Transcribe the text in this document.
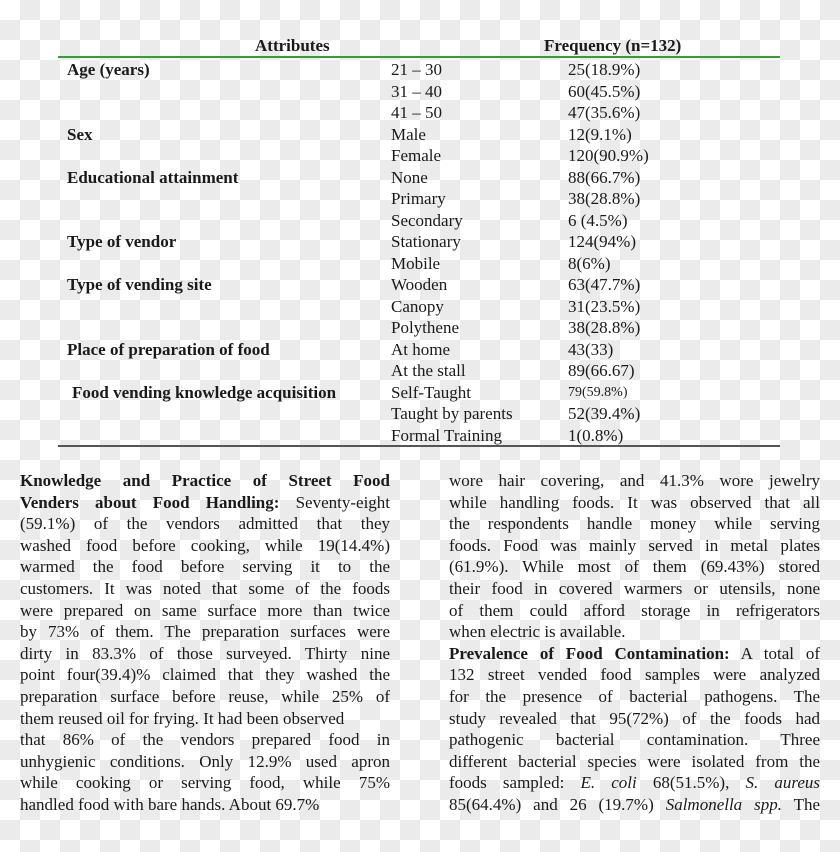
Attributes	Frequency (n=132)
Age (years)	21 – 30	25(18.9%)
31 – 40	60(45.5%)
41 – 50	47(35.6%)
Sex	Male	12(9.1%)
Female	120(90.9%)
Educational attainment	None	88(66.7%)
Primary	38(28.8%)
Secondary	6 (4.5%)
Type of vendor	Stationary	124(94%)
Mobile	8(6%)
Type of vending site	Wooden	63(47.7%)
Canopy	31(23.5%)
Polythene	38(28.8%)
Place of preparation of food	At home	43(33)
At the stall	89(66.67)
Food vending knowledge acquisition	Self-Taught	79(59.8%)
Taught by parents	52(39.4%)
Formal Training	1(0.8%)
Knowledge and Practice of Street Food
Venders about Food Handling: Seventy-eight
(59.1%) of the vendors admitted that they
washed food before cooking, while 19(14.4%)
warmed the food before serving it to the
customers. It was noted that some of the foods
were prepared on same surface more than twice
by 73% of them. The preparation surfaces were
dirty in 83.3% of those surveyed. Thirty nine
point four(39.4)% claimed that they washed the
preparation surface before reuse, while 25% of
them reused oil for frying. It had been observed
that 86% of the vendors prepared food in
unhygienic conditions. Only 12.9% used apron
while cooking or serving food, while 75%
handled food with bare hands. About 69.7%
wore hair covering, and 41.3% wore jewelry
while handling foods. It was observed that all
the respondents handle money while serving
foods. Food was mainly served in metal plates
(61.9%). While most of them (69.43%) stored
their food in covered warmers or utensils, none
of them could afford storage in refrigerators
when electric is available.
Prevalence of Food Contamination: A total of
132 street vended food samples were analyzed
for the presence of bacterial pathogens. The
study revealed that 95(72%) of the foods had
pathogenic bacterial contamination. Three
different bacterial species were isolated from the
foods sampled: E. coli 68(51.5%), S. aureus
85(64.4%) and 26 (19.7%) Salmonella spp. The
